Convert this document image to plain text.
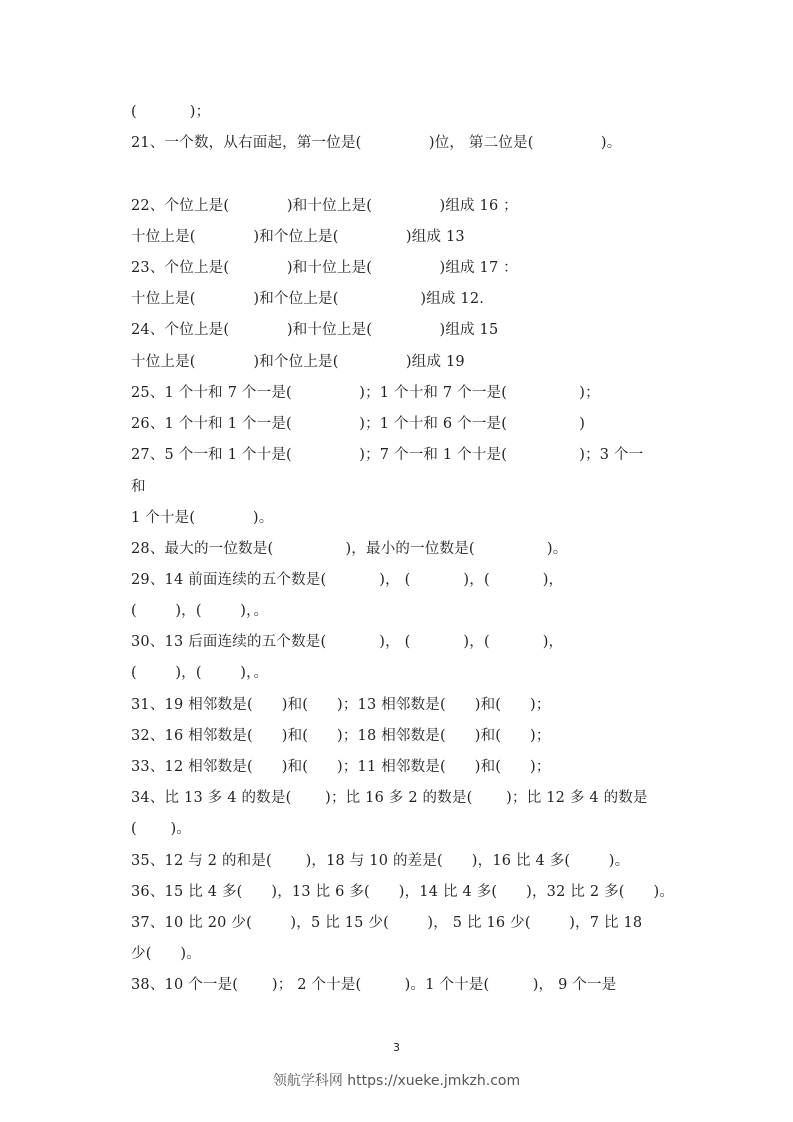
(           )；
21、一个数，从右面起，第一位是(              )位， 第二位是(              )。
22、个位上是(            )和十位上是(              )组成 16 ；
十位上是(            )和个位上是(              )组成 13
23、个位上是(            )和十位上是(              )组成 17 ：
十位上是(            )和个位上是(                 )组成 12.
24、个位上是(            )和十位上是(              )组成 15
十位上是(            )和个位上是(              )组成 19
25、1 个十和 7 个一是(              )；1 个十和 7 个一是(               )；
26、1 个十和 1 个一是(              )；1 个十和 6 个一是(               )
27、5 个一和 1 个十是(              )；7 个一和 1 个十是(               )；3 个一
和
1 个十是(            )。
28、最大的一位数是(               )，最小的一位数是(               )。
29、14 前面连续的五个数是(           )， (           )，(           )，
(        )，(        )，。
30、13 后面连续的五个数是(           )， (           )，(           )，
(        )，(        )，。
31、19 相邻数是(      )和(      )；13 相邻数是(      )和(      )；
32、16 相邻数是(      )和(      )；18 相邻数是(      )和(      )；
33、12 相邻数是(      )和(      )；11 相邻数是(      )和(      )；
34、比 13 多 4 的数是(       )；比 16 多 2 的数是(       )；比 12 多 4 的数是
(       )。
35、12 与 2 的和是(       )，18 与 10 的差是(      )，16 比 4 多(        )。
36、15 比 4 多(      )，13 比 6 多(      )，14 比 4 多(      )，32 比 2 多(      )。
37、10 比 20 少(        )，5 比 15 少(        )， 5 比 16 少(        )，7 比 18
少(      )。
38、10 个一是(       )； 2 个十是(         )。1 个十是(         )， 9 个一是
3
领航学科网 https://xueke.jmkzh.com
